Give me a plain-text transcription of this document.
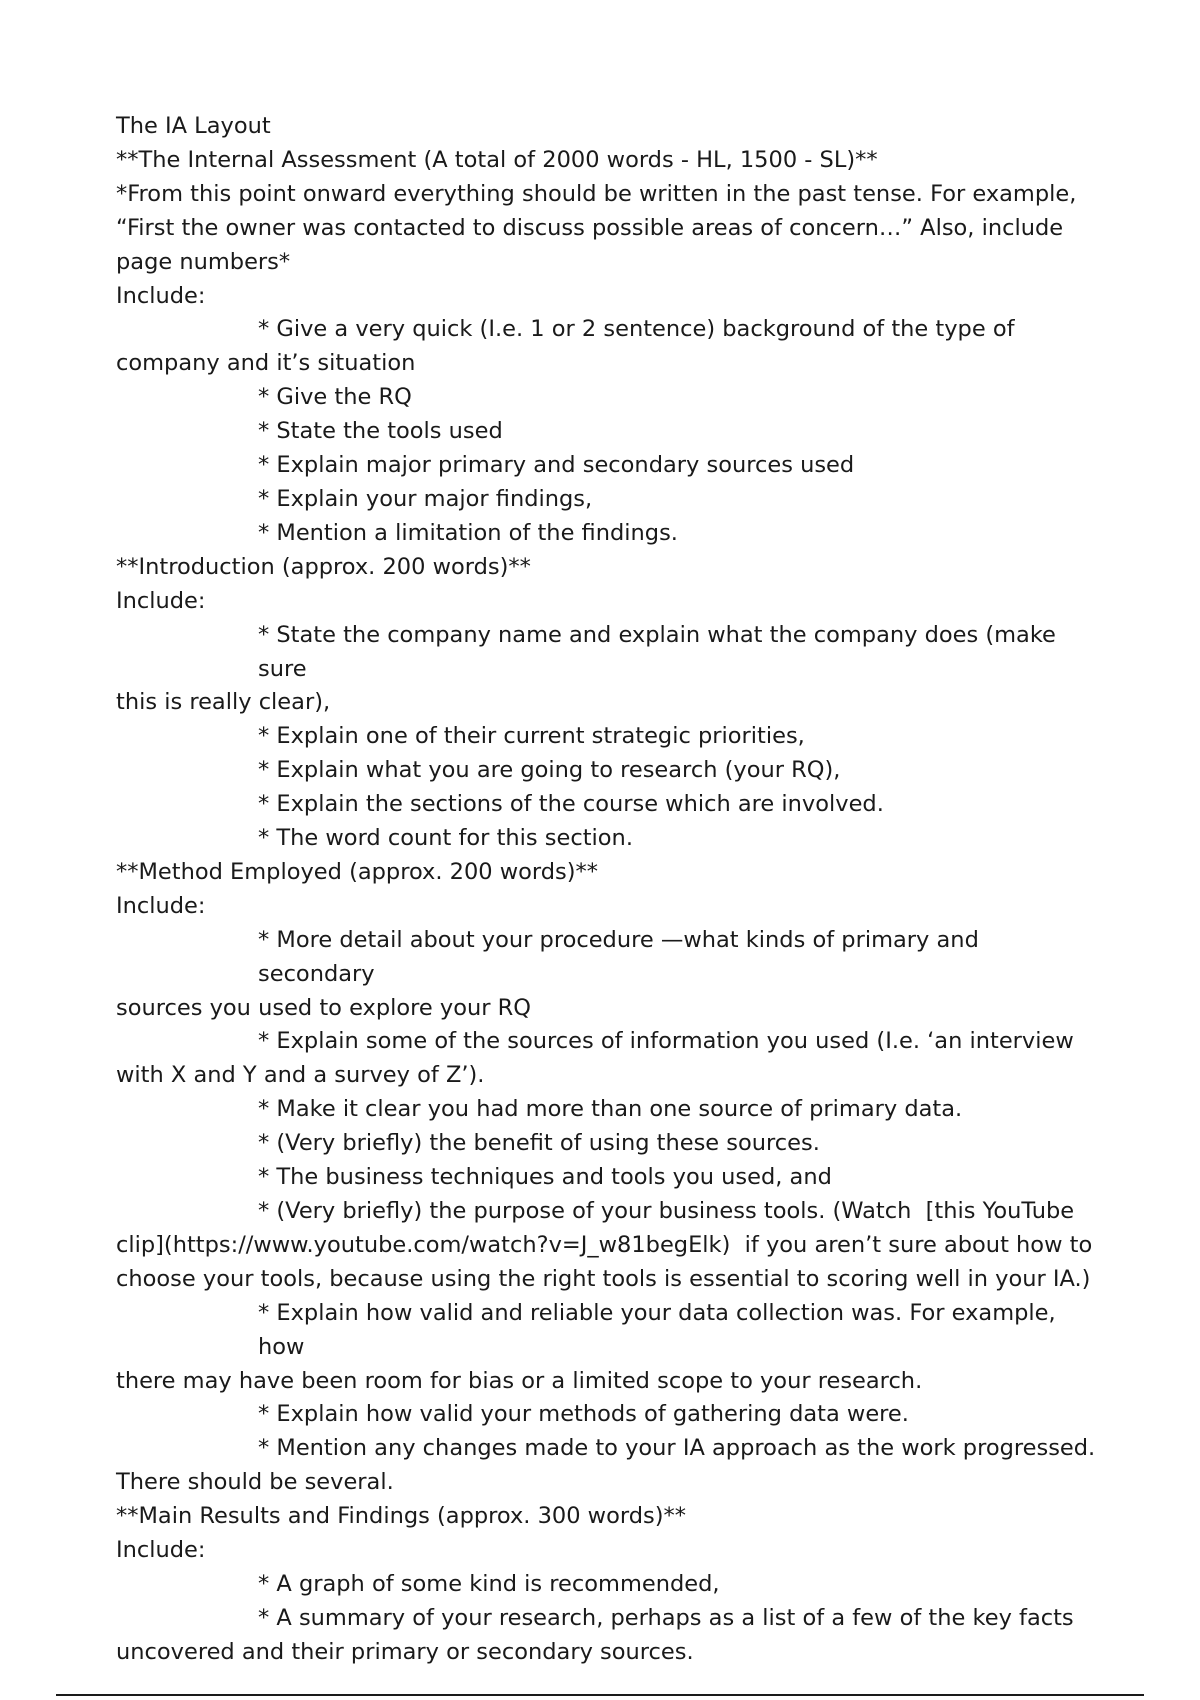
The IA Layout

**The Internal Assessment (A total of 2000 words - HL, 1500 - SL)**

*From this point onward everything should be written in the past tense. For example,

“First the owner was contacted to discuss possible areas of concern…” Also, include

page numbers*

Include:

* Give a very quick (I.e. 1 or 2 sentence) background of the type of
company and it’s situation

* Give the RQ

* State the tools used

* Explain major primary and secondary sources used

* Explain your major findings,

* Mention a limitation of the findings.

**Introduction (approx. 200 words)**

Include:

* State the company name and explain what the company does (make sure
this is really clear),

* Explain one of their current strategic priorities,

* Explain what you are going to research (your RQ),

* Explain the sections of the course which are involved.

* The word count for this section.

**Method Employed (approx. 200 words)**

Include:

* More detail about your procedure —what kinds of primary and secondary
sources you used to explore your RQ

* Explain some of the sources of information you used (I.e. ‘an interview
with X and Y and a survey of Z’).

* Make it clear you had more than one source of primary data.

* (Very briefly) the benefit of using these sources.

* The business techniques and tools you used, and

* (Very briefly) the purpose of your business tools. (Watch  [this YouTube
clip](https://www.youtube.com/watch?v=J_w81begElk)  if you aren’t sure about how to
choose your tools, because using the right tools is essential to scoring well in your IA.)

* Explain how valid and reliable your data collection was. For example, how
there may have been room for bias or a limited scope to your research.

* Explain how valid your methods of gathering data were.

* Mention any changes made to your IA approach as the work progressed.
There should be several.

**Main Results and Findings (approx. 300 words)**

Include:

* A graph of some kind is recommended,

* A summary of your research, perhaps as a list of a few of the key facts
uncovered and their primary or secondary sources.
